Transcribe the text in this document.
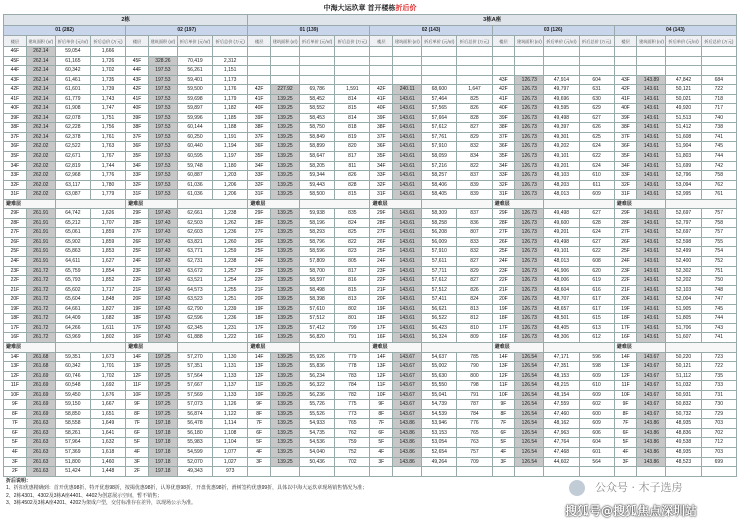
中海大运玖章 首开楼栋折后价
2栋								3栋A座															
01 (282)				02 (197)				01 (139)				02 (143)				03 (126)				04 (143)			
楼层	建筑面积 (㎡)	折后单价 (元/㎡)	折后总价 (万元)	楼层	建筑面积 (㎡)	折后单价 (元/㎡)	折后总价 (万元)	楼层	建筑面积 (㎡)	折后单价 (元/㎡)	折后总价 (万元)	楼层	建筑面积 (㎡)	折后单价 (元/㎡)	折后总价 (万元)	楼层	建筑面积 (㎡)	折后单价 (元/㎡)	折后总价 (万元)	楼层	建筑面积 (㎡)	折后单价 (元/㎡)	折后总价 (万元)
46F	262.14	59,054	1,666																				
45F	262.14	61,165	1,726	45F	328.26	70,419	2,312																
44F	262.14	60,342	1,702	44F	197.53	56,261	1,151																
43F	262.14	61,461	1,735	43F	197.53	59,401	1,173									43F	126.73	47,914	604	43F	143.89	47,842	684
42F	262.14	61,601	1,739	42F	197.53	59,500	1,176	42F	227.92	69,786	1,591	42F	240.11	68,600	1,647	42F	126.73	49,797	631	42F	143.61	50,121	722
41F	262.14	61,779	1,743	41F	197.53	59,698	1,179	41F	139.25	58,452	814	41F	143.61	57,464	825	41F	126.73	49,696	630	41F	143.61	50,021	718
40F	262.14	61,908	1,747	40F	197.53	59,897	1,182	40F	139.25	58,552	815	40F	143.61	57,565	826	40F	126.73	49,595	629	40F	143.61	49,920	717
39F	262.14	62,078	1,751	39F	197.53	59,996	1,185	39F	139.25	58,453	814	39F	143.61	57,664	828	39F	126.73	49,498	627	39F	143.61	51,513	740
38F	262.14	62,228	1,756	38F	197.53	60,144	1,188	38F	139.25	58,750	818	38F	143.61	57,612	827	38F	126.73	49,397	626	38F	143.61	51,412	738
37F	262.14	62,378	1,761	37F	197.53	60,250	1,191	37F	139.25	58,849	819	37F	143.61	57,761	829	37F	126.73	49,301	625	37F	143.61	51,608	741
36F	262.02	62,522	1,763	36F	197.53	60,440	1,194	36F	139.25	58,899	820	36F	143.61	57,910	832	36F	126.73	49,202	624	36F	143.61	51,904	745
35F	262.02	62,671	1,767	35F	197.53	60,595	1,197	35F	139.25	58,647	817	35F	143.61	58,059	834	35F	126.73	49,101	622	35F	143.61	51,803	744
34F	262.02	62,819	1,744	34F	197.53	59,748	1,180	34F	139.25	58,205	811	34F	143.61	57,216	822	34F	126.73	49,201	624	34F	143.61	51,699	742
33F	262.02	62,968	1,776	33F	197.53	60,887	1,203	33F	139.25	59,344	826	33F	143.61	58,257	837	33F	126.73	48,103	610	33F	143.61	52,796	758
32F	262.02	63,117	1,780	32F	197.53	61,036	1,206	32F	139.25	59,443	828	32F	143.61	58,406	839	32F	126.73	48,203	611	32F	143.61	53,094	762
31F	262.02	63,087	1,779	31F	197.53	61,036	1,206	31F	139.25	58,500	815	31F	143.61	58,405	839	31F	126.73	48,013	609	31F	143.61	52,995	761
避难层				避难层				避难层				避难层				避难层				避难层			
29F	261.91	64,742	1,626	29F	197.43	62,661	1,238	29F	139.25	59,938	835	29F	143.61	58,309	837	29F	126.73	49,498	627	29F	143.61	52,697	757
28F	261.91	65,212	1,707	28F	197.43	62,503	1,262	28F	139.25	58,196	824	28F	143.61	58,258	836	28F	126.73	49,600	628	28F	143.61	52,797	758
27F	261.91	65,061	1,859	27F	197.43	62,603	1,236	27F	139.25	58,293	825	27F	143.61	56,208	807	27F	126.73	49,201	624	27F	143.61	52,697	757
26F	261.91	65,902	1,859	26F	197.43	63,821	1,260	26F	139.25	58,796	822	26F	143.61	56,009	833	26F	126.73	49,498	627	26F	143.61	52,598	755
25F	261.91	65,863	1,853	25F	197.43	63,771	1,259	25F	139.25	58,596	823	25F	143.61	57,910	832	25F	126.73	49,101	622	25F	143.61	52,499	754
24F	261.91	64,611	1,627	24F	197.43	62,731	1,238	24F	139.25	57,809	805	24F	143.61	57,611	827	24F	126.73	48,013	608	24F	143.61	52,400	752
23F	261.72	65,759	1,854	23F	197.43	63,672	1,257	23F	139.25	58,700	817	23F	143.61	57,711	829	23F	126.73	46,906	620	23F	143.61	52,302	751
22F	261.72	65,793	1,852	22F	197.43	63,521	1,254	22F	139.25	58,597	816	22F	143.61	57,612	827	22F	126.73	48,006	619	22F	143.61	52,202	750
21F	261.72	65,602	1,717	21F	197.43	64,573	1,255	21F	139.25	58,498	815	21F	143.61	57,512	826	21F	126.73	48,604	616	21F	143.61	52,103	748
20F	261.72	65,604	1,848	20F	197.43	63,523	1,251	20F	139.25	58,398	813	20F	143.61	57,411	824	20F	126.73	48,707	617	20F	143.61	52,004	747
19F	261.72	64,661	1,827	19F	197.43	62,790	1,239	19F	139.25	57,610	802	19F	143.61	56,621	813	19F	126.73	48,657	617	19F	143.61	51,905	745
18F	261.72	64,409	1,682	18F	197.43	62,596	1,236	18F	139.25	57,512	801	18F	143.61	56,522	812	18F	126.73	48,501	615	18F	143.61	51,805	744
17F	261.72	64,266	1,611	17F	197.43	62,345	1,231	17F	139.25	57,412	799	17F	143.61	56,423	810	17F	126.73	48,405	613	17F	143.61	51,706	743
16F	261.72	63,969	1,802	16F	197.43	61,888	1,222	16F	139.25	56,820	791	16F	143.61	56,324	809	16F	126.73	48,306	612	16F	143.61	51,607	741
避难层				避难层				避难层				避难层				避难层				避难层			
14F	261.68	59,351	1,673	14F	197.25	57,270	1,130	14F	139.25	55,926	779	14F	143.67	54,637	785	14F	126.54	47,171	596	14F	143.67	50,220	723
13F	261.68	60,342	1,701	13F	197.25	57,351	1,131	13F	139.25	55,836	778	13F	143.67	55,002	790	13F	126.54	47,351	598	13F	143.67	50,121	722
12F	261.69	60,746	1,702	12F	197.25	57,564	1,133	12F	139.25	56,234	783	12F	143.67	55,630	800	12F	126.54	48,153	609	12F	143.67	51,112	735
11F	261.69	60,548	1,692	11F	197.25	57,667	1,137	11F	139.25	56,322	784	11F	143.67	55,550	798	11F	126.54	48,215	610	11F	143.67	51,032	733
10F	261.69	59,450	1,676	10F	197.25	57,569	1,133	10F	139.25	56,236	782	10F	143.67	55,041	791	10F	126.54	48,154	609	10F	143.67	50,931	731
9F	261.69	59,150	1,667	9F	197.25	57,073	1,126	9F	139.25	55,726	775	9F	143.67	54,739	787	9F	126.54	47,559	602	9F	143.67	50,832	730
8F	261.69	58,850	1,651	8F	197.25	56,874	1,122	8F	139.25	55,526	773	8F	143.67	54,539	784	8F	126.54	47,460	600	8F	143.67	50,732	729
7F	261.63	58,558	1,649	7F	197.18	56,478	1,114	7F	139.25	54,933	765	7F	143.86	53,946	776	7F	126.54	48,162	609	7F	143.86	48,935	703
6F	261.63	58,261	1,641	6F	197.18	56,180	1,108	6F	139.25	54,735	762	6F	143.86	53,153	765	6F	126.54	47,963	606	6F	143.86	48,836	702
5F	261.63	57,964	1,632	5F	197.18	55,983	1,104	5F	139.25	54,536	759	5F	143.86	53,054	763	5F	126.54	47,764	604	5F	143.86	49,538	712
4F	261.63	57,369	1,618	4F	197.18	54,599	1,077	4F	139.25	54,040	752	4F	143.86	52,654	757	4F	126.54	47,468	601	4F	143.86	48,935	703
3F	261.63	51,800	1,460	3F	197.18	52,070	1,027	3F	139.25	50,436	702	3F	143.86	49,264	709	3F	126.54	44,602	564	3F	143.86	48,523	699
2F	261.63	51,424	1,448	2F	197.18	49,343	973																
折后说明：
1、折扣优惠精确到：首开优惠98折，特开优惠98折，按揭优惠98折，认筹优惠98折，开盘优惠98折，滑树签约优惠99折，具体以中海大运玖章现场销售情况为准；
2、2栋4301、4302及3栋A座4401、4402为创意展示空间，暂不销售；
3、3栋4502及3栋A座4201、4202为架成户型，交付标准存在差异，以现场公示为准。
公众号 · 木子选房
搜狐号@搜狐焦点深圳站
